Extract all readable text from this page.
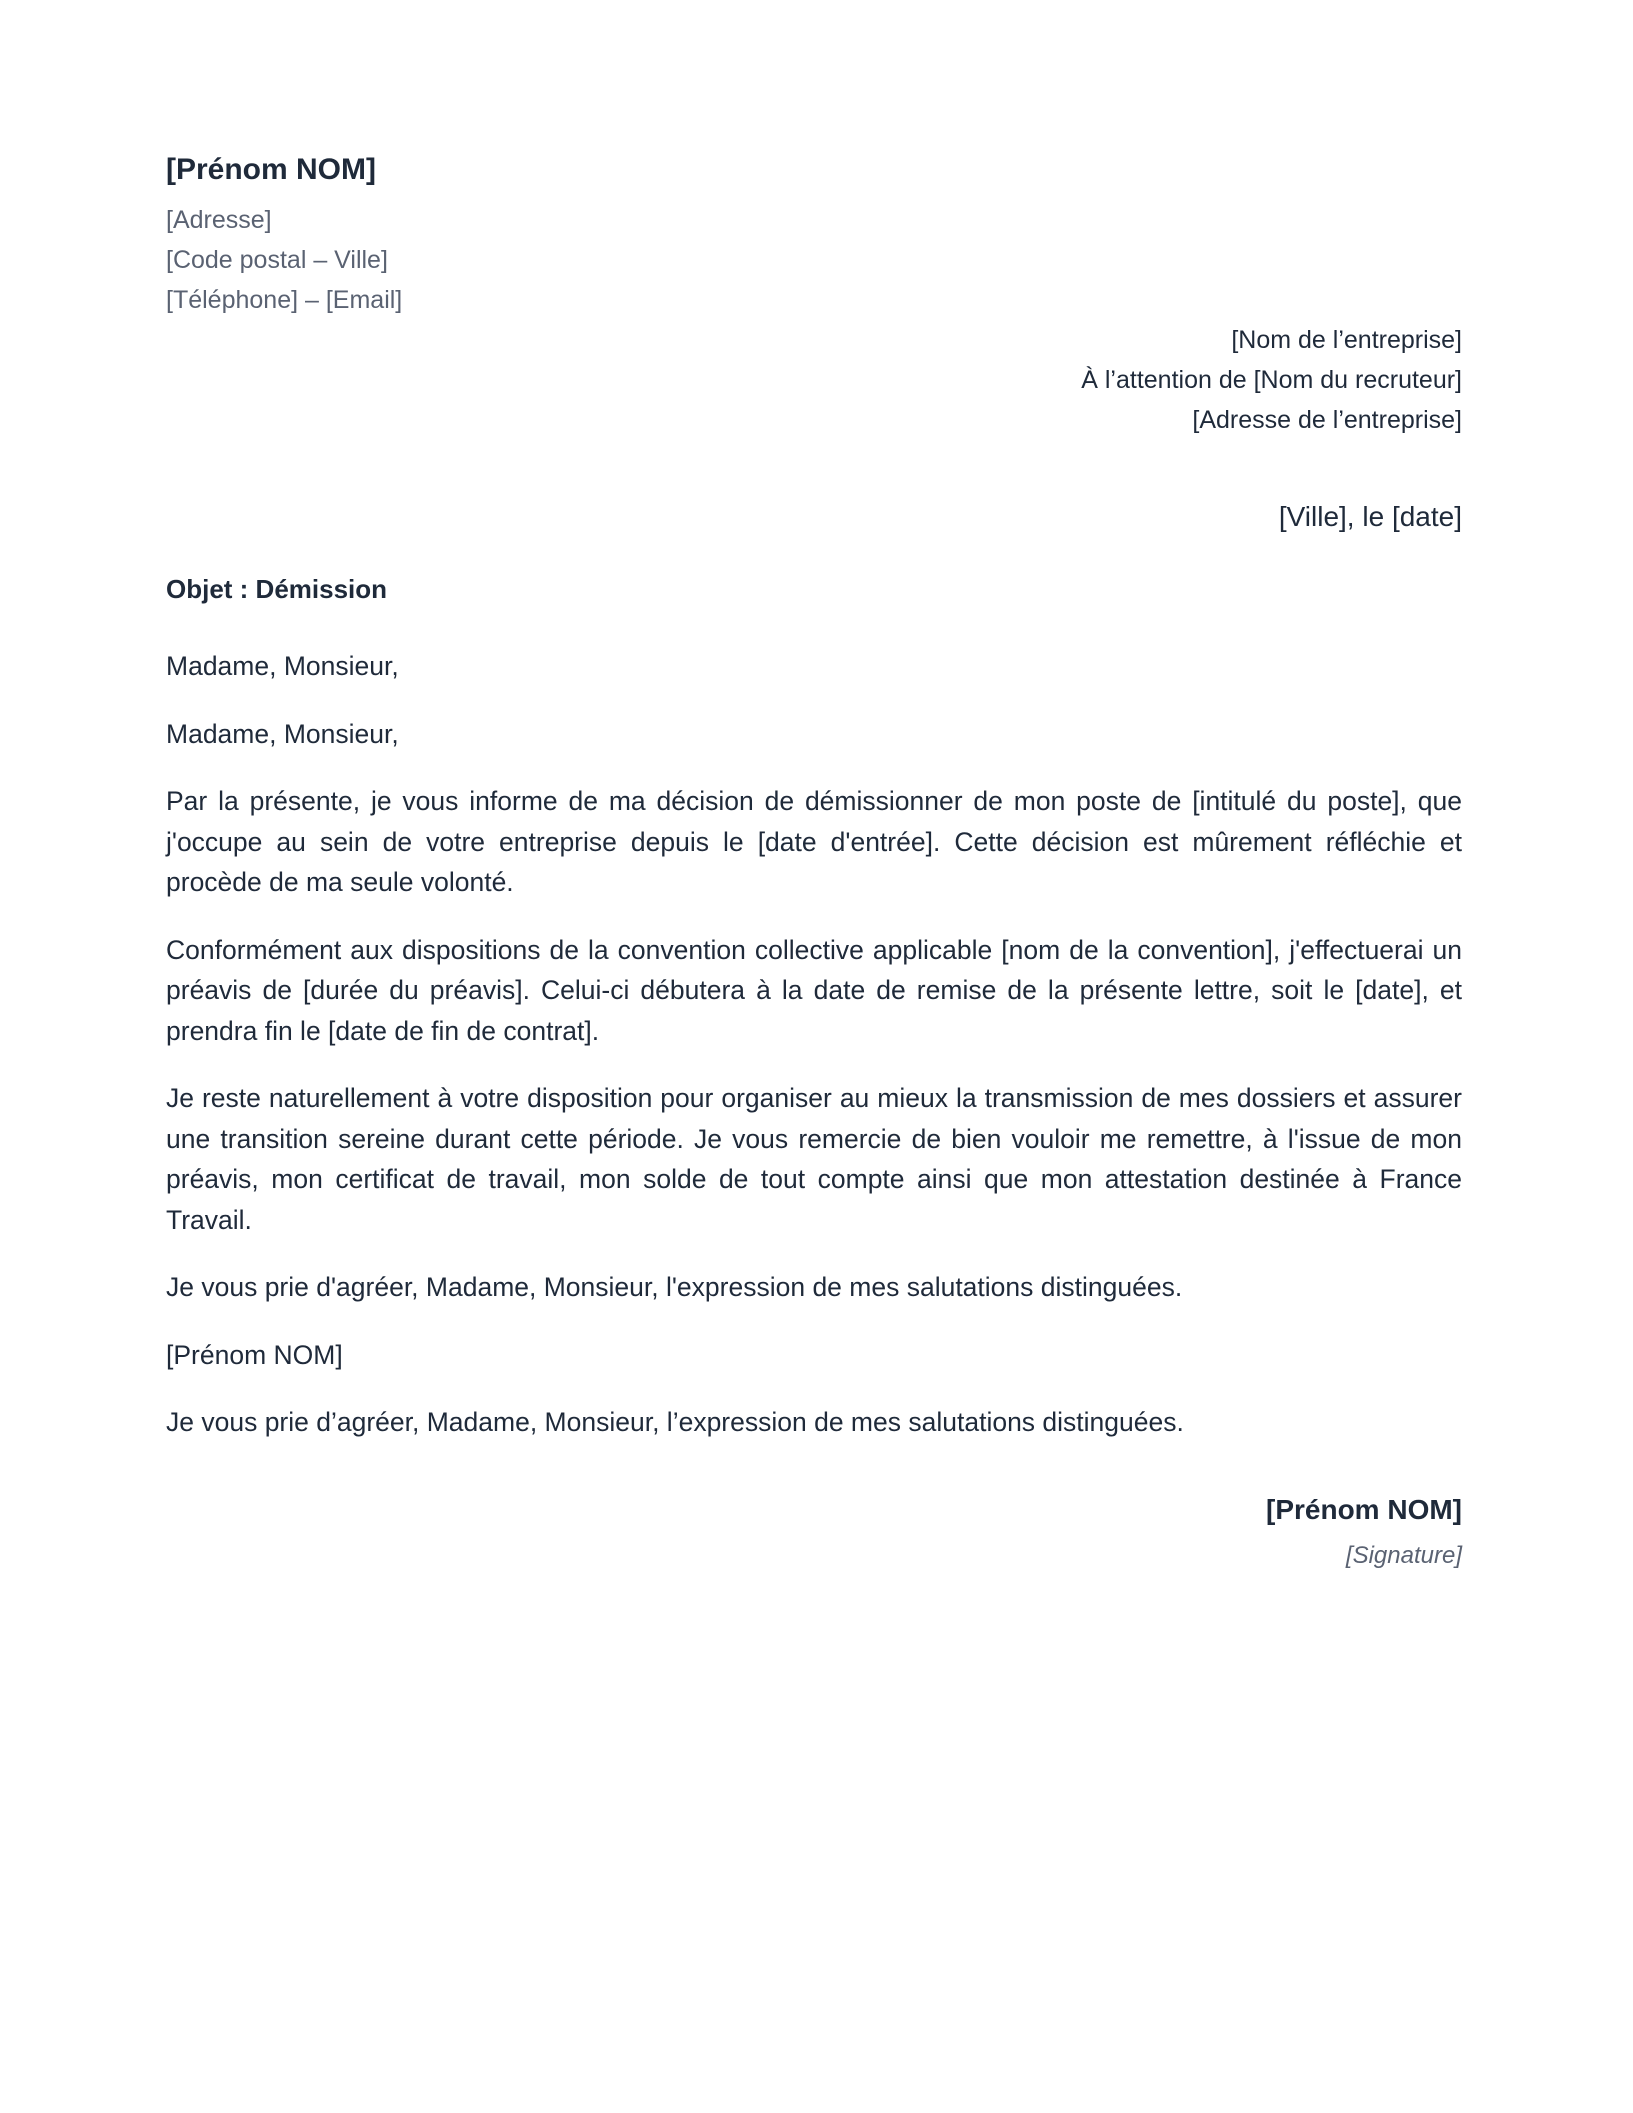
[Prénom NOM]
[Adresse]
[Code postal – Ville]
[Téléphone] – [Email]
[Nom de l’entreprise]
À l’attention de [Nom du recruteur]
[Adresse de l’entreprise]
[Ville], le [date]
Objet : Démission

Madame, Monsieur,

Madame, Monsieur,

Par la présente, je vous informe de ma décision de démissionner de mon poste de [intitulé du poste], que j'occupe au sein de votre entreprise depuis le [date d'entrée]. Cette décision est mûrement réfléchie et procède de ma seule volonté.

Conformément aux dispositions de la convention collective applicable [nom de la convention], j'effectuerai un préavis de [durée du préavis]. Celui-ci débutera à la date de remise de la présente lettre, soit le [date], et prendra fin le [date de fin de contrat].

Je reste naturellement à votre disposition pour organiser au mieux la transmission de mes dossiers et assurer une transition sereine durant cette période. Je vous remercie de bien vouloir me remettre, à l'issue de mon préavis, mon certificat de travail, mon solde de tout compte ainsi que mon attestation destinée à France Travail.

Je vous prie d'agréer, Madame, Monsieur, l'expression de mes salutations distinguées.

[Prénom NOM]

Je vous prie d’agréer, Madame, Monsieur, l’expression de mes salutations distinguées.

[Prénom NOM]
[Signature]
